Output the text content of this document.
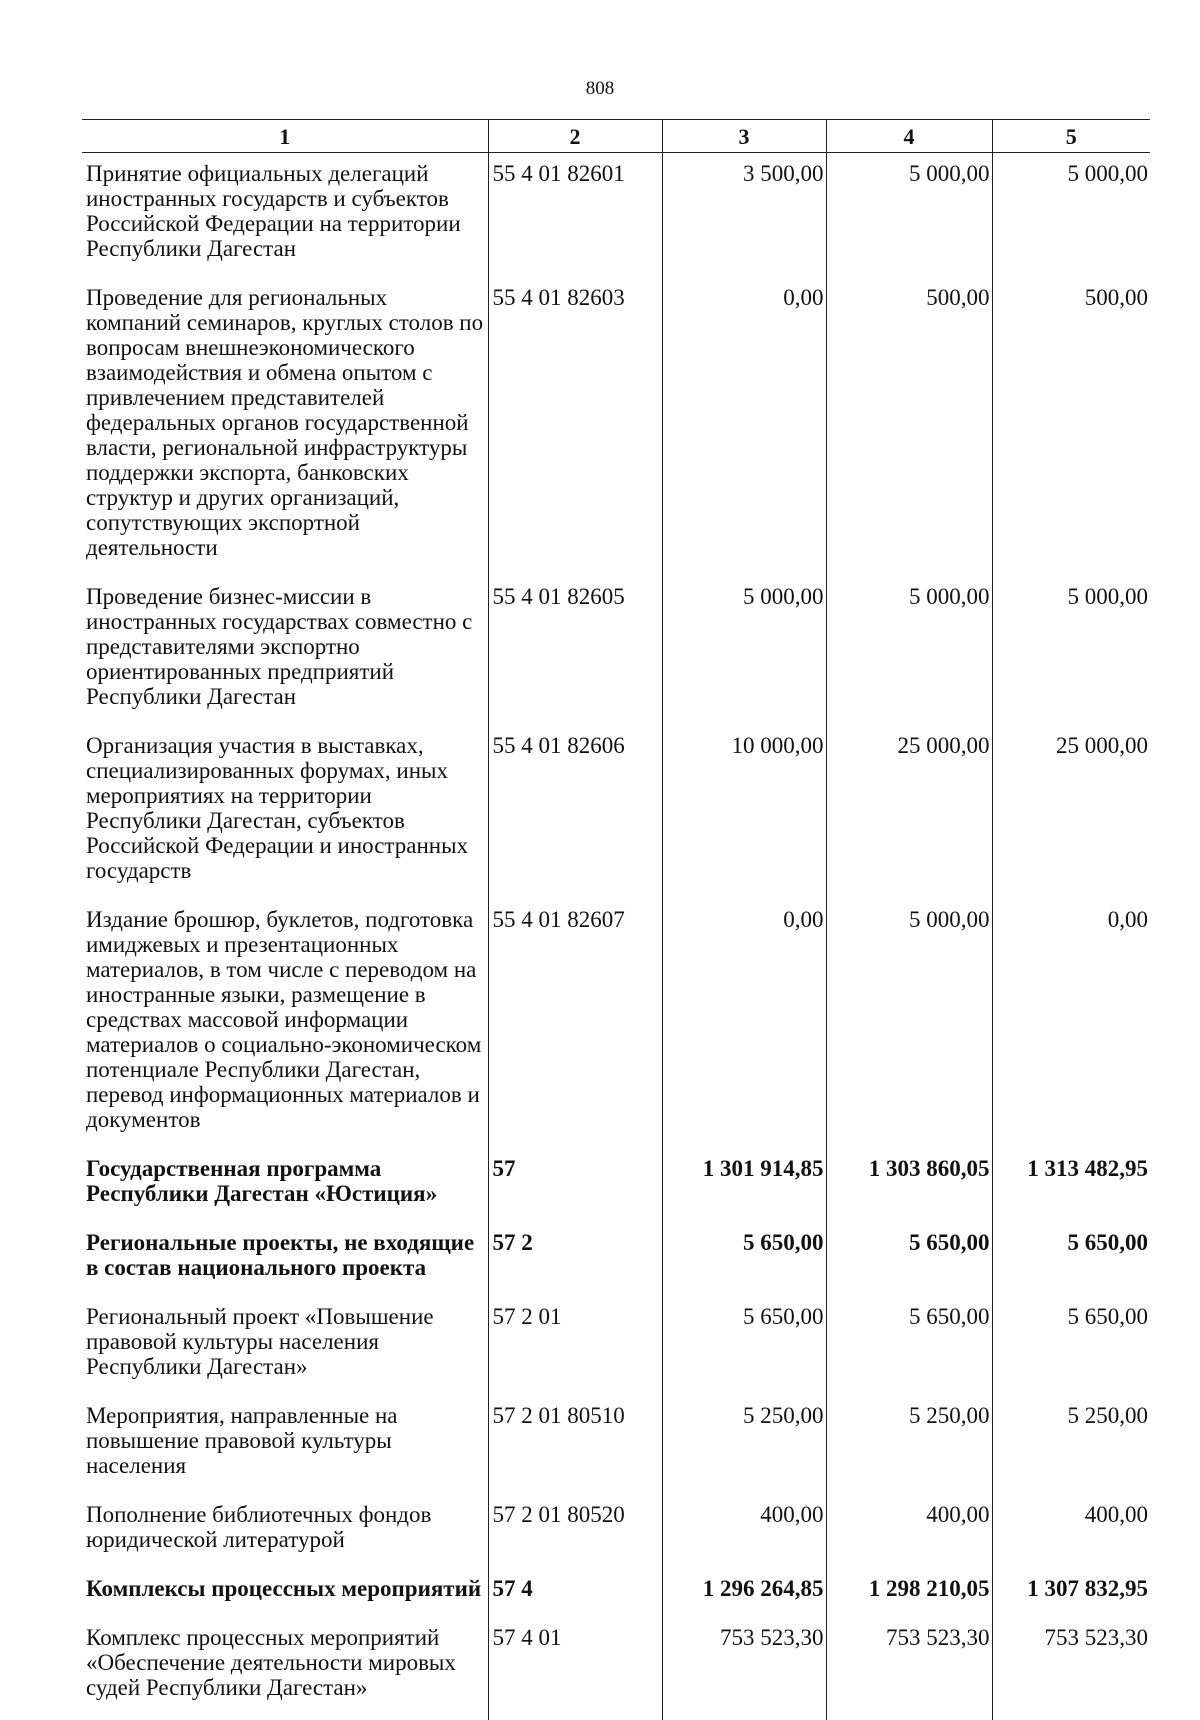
808
1	2	3	4	5
Принятие официальных делегаций иностранных государств и субъектов Российской Федерации на территории Республики Дагестан	55 4 01 82601	3 500,00	5 000,00	5 000,00
Проведение для региональных компаний семинаров, круглых столов по вопросам внешнеэкономического взаимодействия и обмена опытом с привлечением представителей федеральных органов государственной власти, региональной инфраструктуры поддержки экспорта, банковских структур и других организаций, сопутствующих экспортной деятельности	55 4 01 82603	0,00	500,00	500,00
Проведение бизнес-миссии в иностранных государствах совместно с представителями экспортно ориентированных предприятий Республики Дагестан	55 4 01 82605	5 000,00	5 000,00	5 000,00
Организация участия в выставках, специализированных форумах, иных мероприятиях на территории Республики Дагестан, субъектов Российской Федерации и иностранных государств	55 4 01 82606	10 000,00	25 000,00	25 000,00
Издание брошюр, буклетов, подготовка имиджевых и презентационных материалов, в том числе с переводом на иностранные языки, размещение в средствах массовой информации материалов о социально-экономическом потенциале Республики Дагестан, перевод информационных материалов и документов	55 4 01 82607	0,00	5 000,00	0,00
Государственная программа Республики Дагестан «Юстиция»	57	1 301 914,85	1 303 860,05	1 313 482,95
Региональные проекты, не входящие в состав национального проекта	57 2	5 650,00	5 650,00	5 650,00
Региональный проект «Повышение правовой культуры населения Республики Дагестан»	57 2 01	5 650,00	5 650,00	5 650,00
Мероприятия, направленные на повышение правовой культуры населения	57 2 01 80510	5 250,00	5 250,00	5 250,00
Пополнение библиотечных фондов юридической литературой	57 2 01 80520	400,00	400,00	400,00
Комплексы процессных мероприятий	57 4	1 296 264,85	1 298 210,05	1 307 832,95
Комплекс процессных мероприятий «Обеспечение деятельности мировых судей Республики Дагестан»	57 4 01	753 523,30	753 523,30	753 523,30
